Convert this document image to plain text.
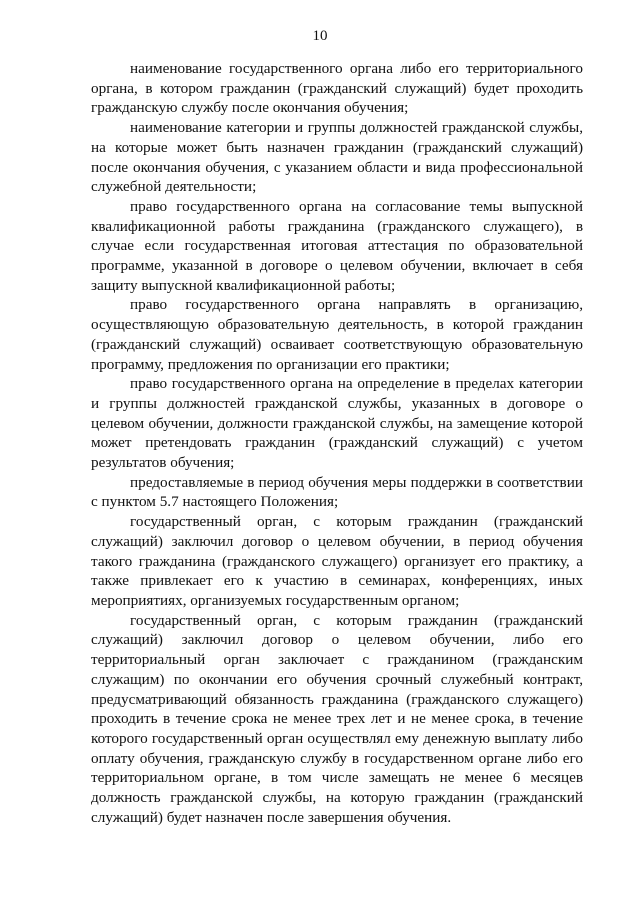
10

наименование государственного органа либо его территориального органа, в котором гражданин (гражданский служащий) будет проходить гражданскую службу после окончания обучения;

наименование категории и группы должностей гражданской службы, на которые может быть назначен гражданин (гражданский служащий) после окончания обучения, с указанием области и вида профессиональной служебной деятельности;

право государственного органа на согласование темы выпускной квалификационной работы гражданина (гражданского служащего), в случае если государственная итоговая аттестация по образовательной программе, указанной в договоре о целевом обучении, включает в себя защиту выпускной квалификационной работы;

право государственного органа направлять в организацию, осуществляющую образовательную деятельность, в которой гражданин (гражданский служащий) осваивает соответствующую образовательную программу, предложения по организации его практики;

право государственного органа на определение в пределах категории и группы должностей гражданской службы, указанных в договоре о целевом обучении, должности гражданской службы, на замещение которой может претендовать гражданин (гражданский служащий) с учетом результатов обучения;

предоставляемые в период обучения меры поддержки в соответствии с пунктом 5.7 настоящего Положения;

государственный орган, с которым гражданин (гражданский служащий) заключил договор о целевом обучении, в период обучения такого гражданина (гражданского служащего) организует его практику, а также привлекает его к участию в семинарах, конференциях, иных мероприятиях, организуемых государственным органом;

государственный орган, с которым гражданин (гражданский служащий) заключил договор о целевом обучении, либо его территориальный орган заключает с гражданином (гражданским служащим) по окончании его обучения срочный служебный контракт, предусматривающий обязанность гражданина (гражданского служащего) проходить в течение срока не менее трех лет и не менее срока, в течение которого государственный орган осуществлял ему денежную выплату либо оплату обучения, гражданскую службу в государственном органе либо его территориальном органе, в том числе замещать не менее 6 месяцев должность гражданской службы, на которую гражданин (гражданский служащий) будет назначен после завершения обучения.
